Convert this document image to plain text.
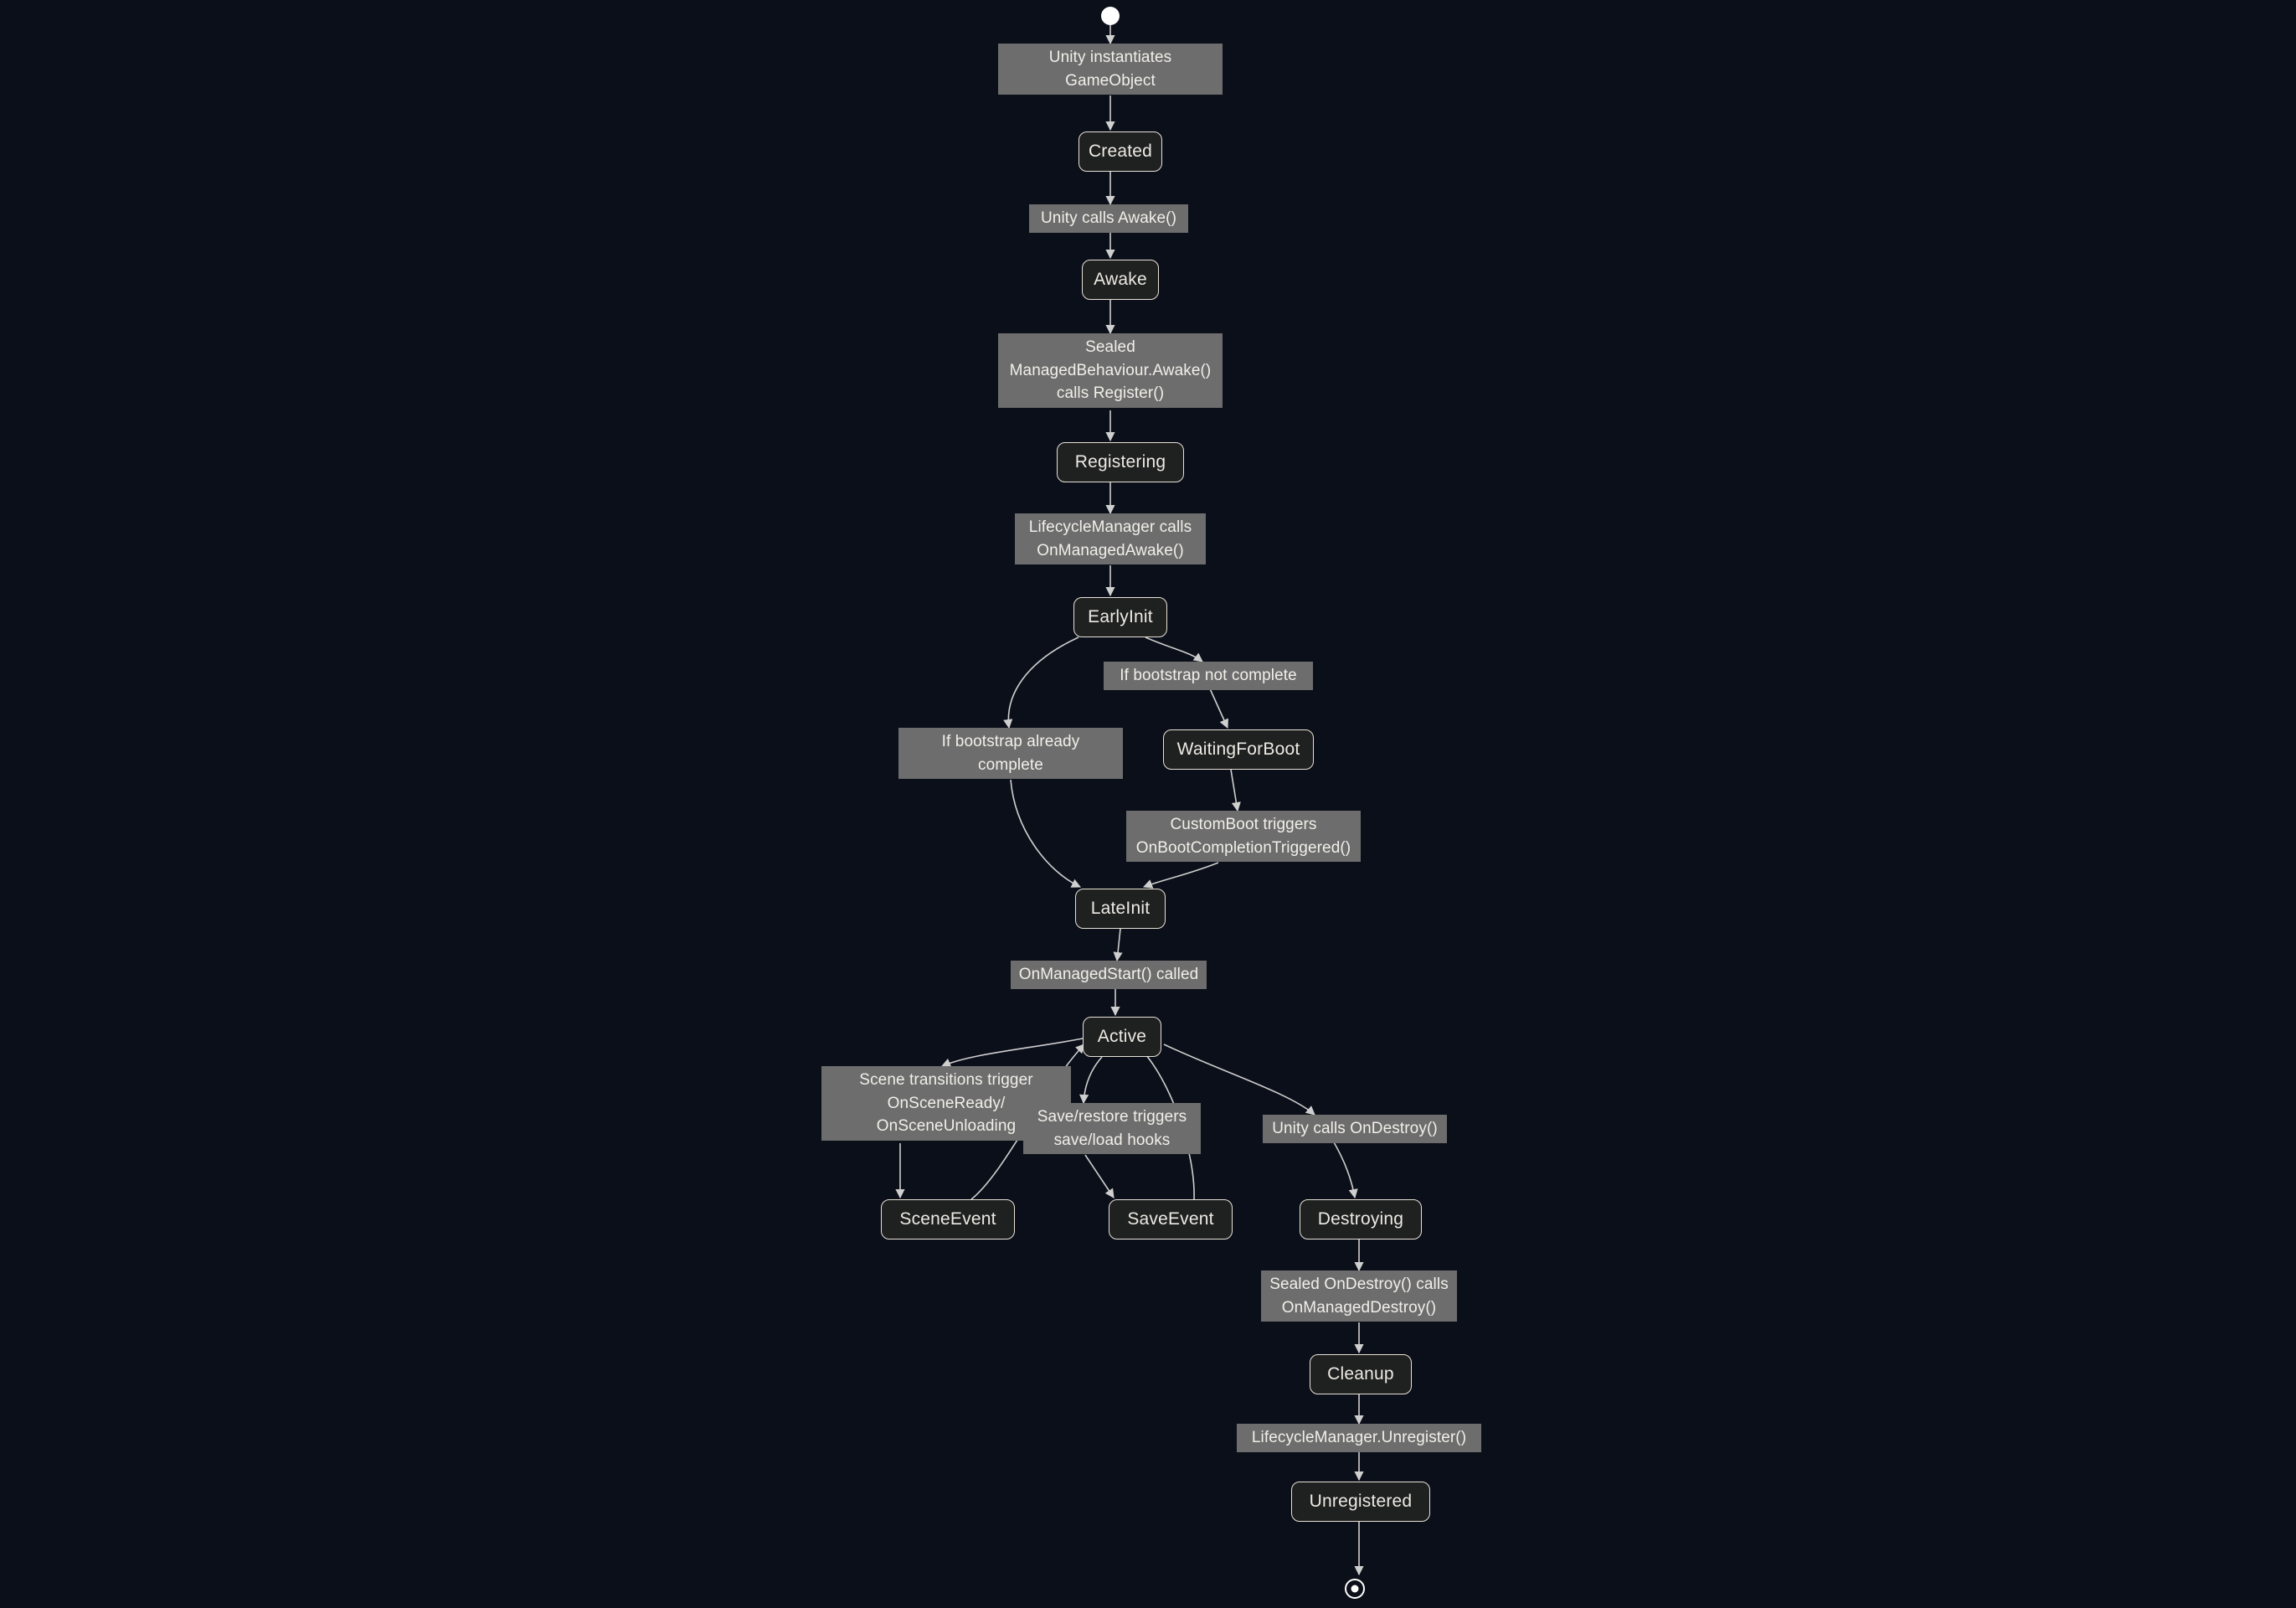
Created
Awake
Registering
EarlyInit
WaitingForBoot
LateInit
Active
SceneEvent	SaveEvent	Destroying
Cleanup
Unregistered
Unity instantiates
GameObject
Unity calls Awake()
Sealed
ManagedBehaviour.Awake()
calls Register()
LifecycleManager calls
OnManagedAwake()
If bootstrap not complete
If bootstrap already
complete
CustomBoot triggers
OnBootCompletionTriggered()
OnManagedStart() called
Scene transitions trigger
OnSceneReady/
OnSceneUnloading
Save/restore triggers
save/load hooks
Unity calls OnDestroy()
Sealed OnDestroy() calls
OnManagedDestroy()
LifecycleManager.Unregister()
